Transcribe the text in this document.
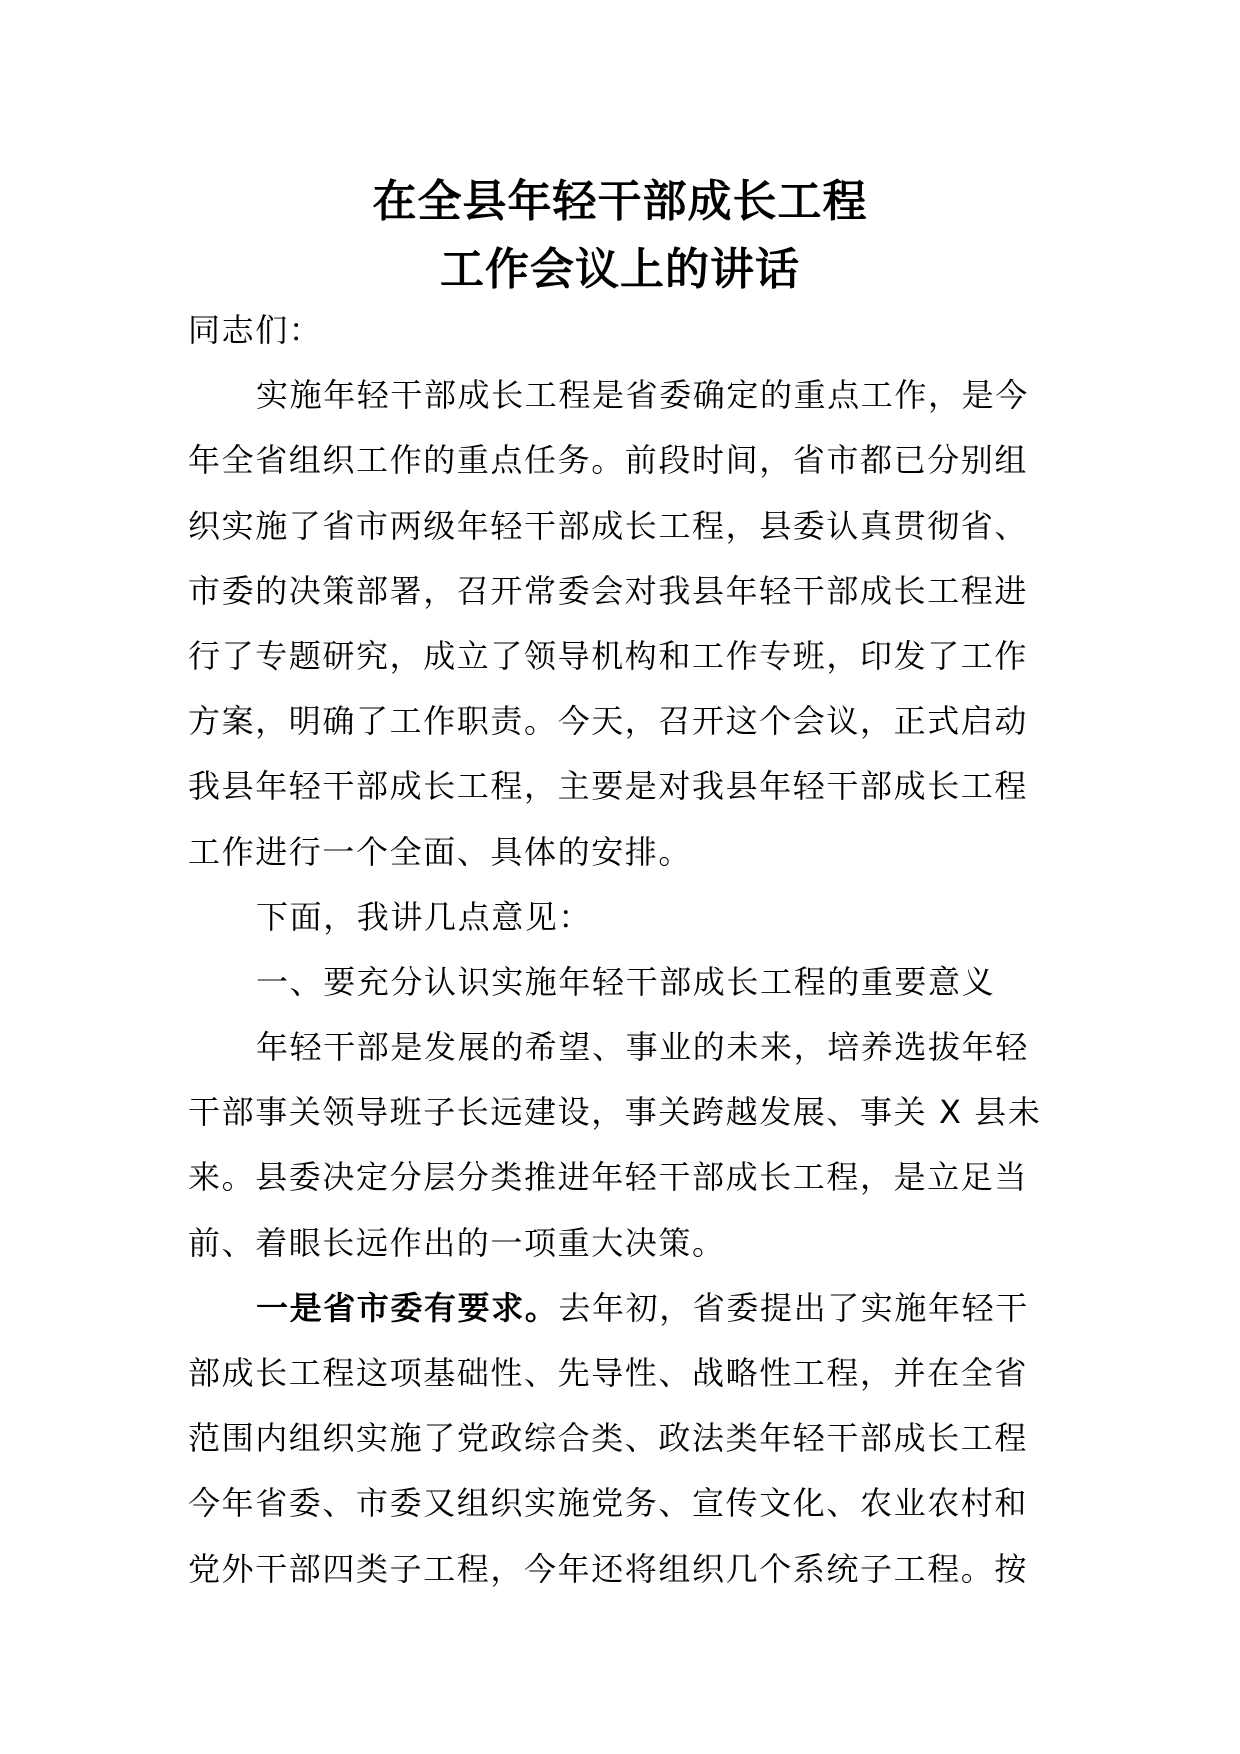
在全县年轻干部成长工程
工作会议上的讲话
同志们：
实施年轻干部成长工程是省委确定的重点工作，是今
年全省组织工作的重点任务。前段时间，省市都已分别组
织实施了省市两级年轻干部成长工程，县委认真贯彻省、
市委的决策部署，召开常委会对我县年轻干部成长工程进
行了专题研究，成立了领导机构和工作专班，印发了工作
方案，明确了工作职责。今天，召开这个会议，正式启动
我县年轻干部成长工程，主要是对我县年轻干部成长工程
工作进行一个全面、具体的安排。
下面，我讲几点意见：
一、要充分认识实施年轻干部成长工程的重要意义
年轻干部是发展的希望、事业的未来，培养选拔年轻
干部事关领导班子长远建设，事关跨越发展、事关 X 县未
来。县委决定分层分类推进年轻干部成长工程，是立足当
前、着眼长远作出的一项重大决策。
一是省市委有要求。去年初，省委提出了实施年轻干
部成长工程这项基础性、先导性、战略性工程，并在全省
范围内组织实施了党政综合类、政法类年轻干部成长工程
今年省委、市委又组织实施党务、宣传文化、农业农村和
党外干部四类子工程，今年还将组织几个系统子工程。按
